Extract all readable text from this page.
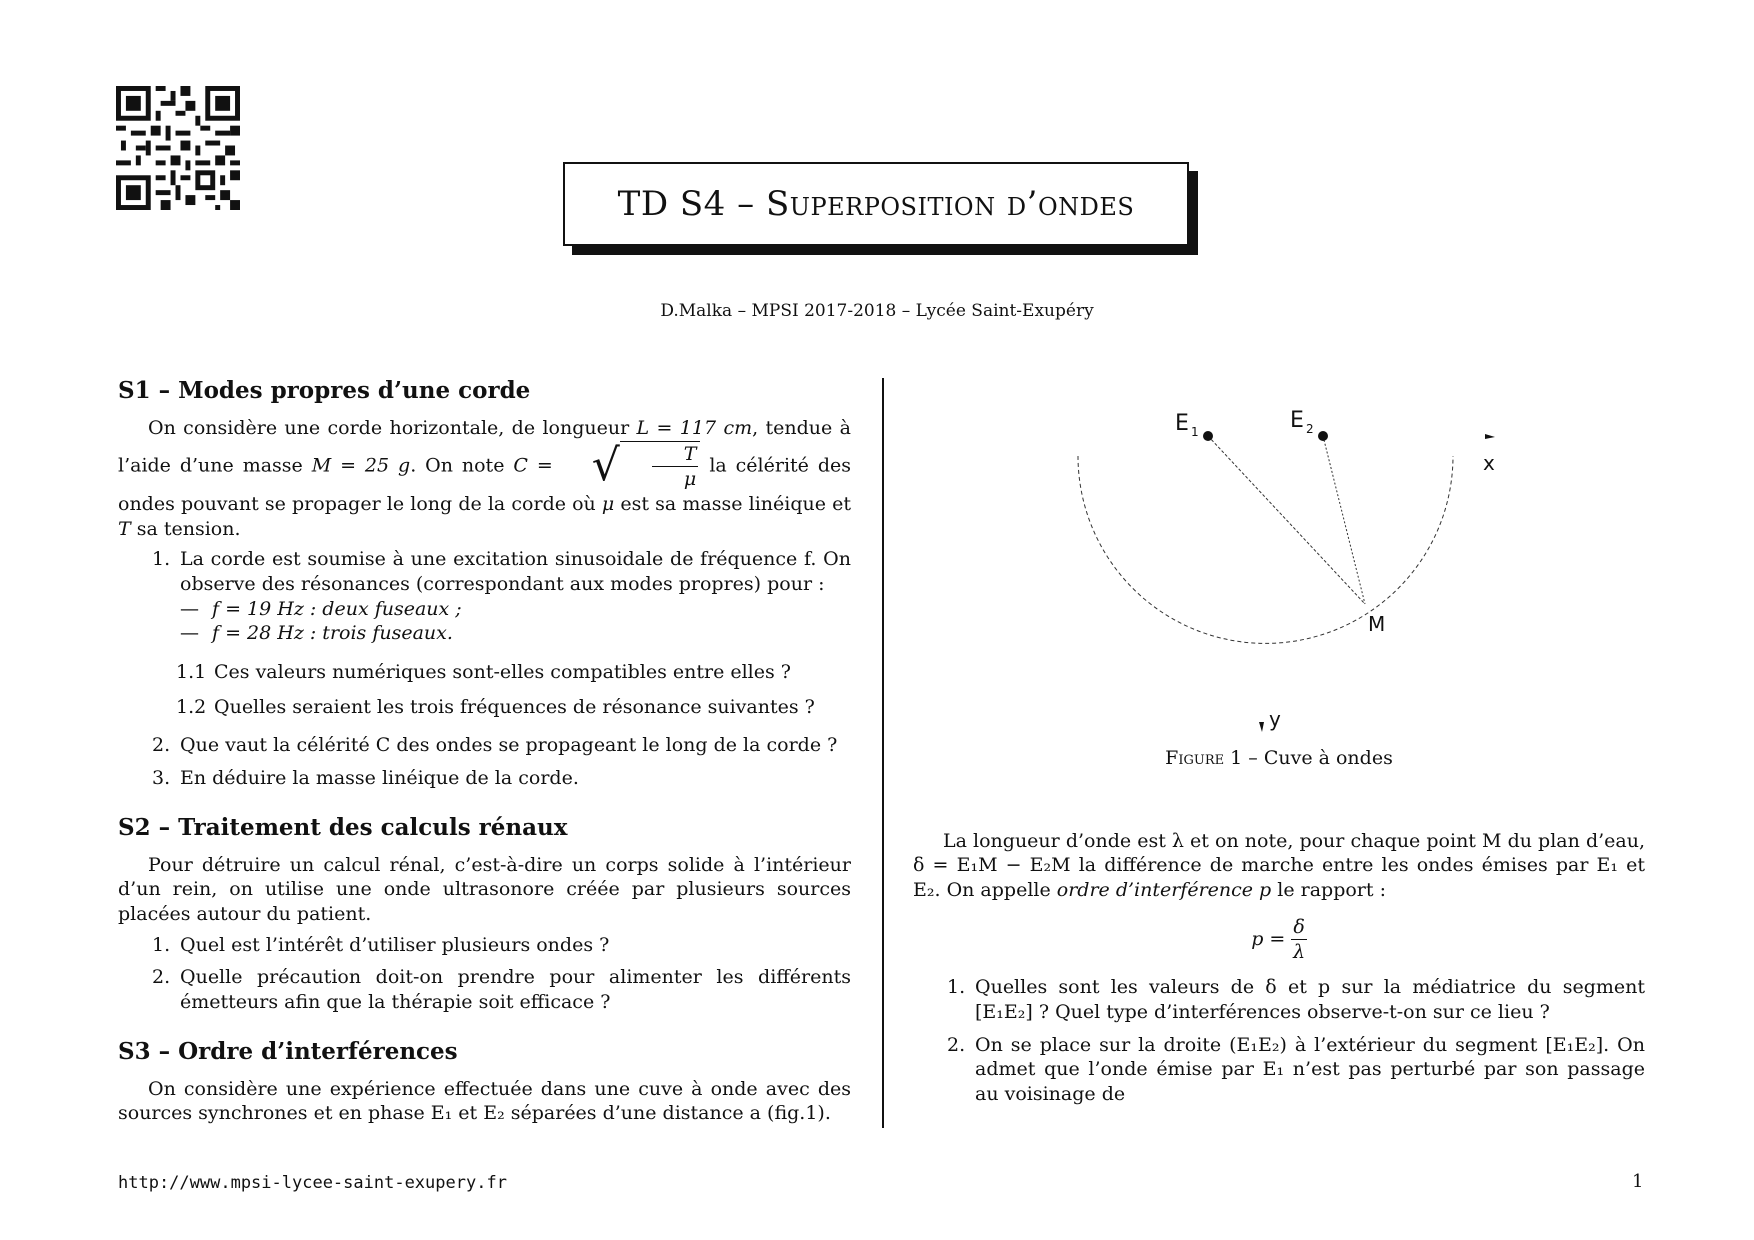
TD S4 –
Superposition d’ondes
D.Malka – MPSI 2017-2018 – Lycée Saint-Exupéry
S1 – Modes propres d’une corde

On considère une corde horizontale, de longueur L = 117 cm, tendue à l’aide d’une masse M = 25 g. On note C = √ $\frac{T}{\mu}$ la célérité des ondes pouvant se propager le long de la corde où μ est sa masse linéique et T sa tension.

1. La corde est soumise à une excitation sinusoidale de fréquence f. On observe des résonances (correspondant aux modes propres) pour :

— f = 19 Hz : deux fuseaux ;
— f = 28 Hz : trois fuseaux.
1.1 Ces valeurs numériques sont-elles compatibles entre elles ?
1.2 Quelles seraient les trois fréquences de résonance suivantes ?
2. Que vaut la célérité C des ondes se propageant le long de la corde ?
3. En déduire la masse linéique de la corde.
S2 – Traitement des calculs rénaux

Pour détruire un calcul rénal, c’est-à-dire un corps solide à l’intérieur d’un rein, on utilise une onde ultrasonore créée par plusieurs sources placées autour du patient.

1. Quel est l’intérêt d’utiliser plusieurs ondes ?
2. Quelle précaution doit-on prendre pour alimenter les différents émetteurs afin que la thérapie soit efficace ?

S3 – Ordre d’interférences

On considère une expérience effectuée dans une cuve à onde avec des sources synchrones et en phase E₁ et E₂ séparées d’une distance a (fig.1).

E 1	E 2
M
x
y
Figure 1 – Cuve à ondes

La longueur d’onde est λ et on note, pour chaque point M du plan d’eau, δ = E₁M − E₂M la différence de marche entre les ondes émises par E₁ et E₂. On appelle ordre d’interférence p le rapport :

$p = \frac{\delta}{\lambda}$
1. Quelles sont les valeurs de δ et p sur la médiatrice du segment [E₁E₂] ? Quel type d’interférences observe-t-on sur ce lieu ?

2. On se place sur la droite (E₁E₂) à l’extérieur du segment [E₁E₂]. On admet que l’onde émise par E₁ n’est pas perturbé par son passage au voisinage de

http://www.mpsi-lycee-saint-exupery.fr	1
